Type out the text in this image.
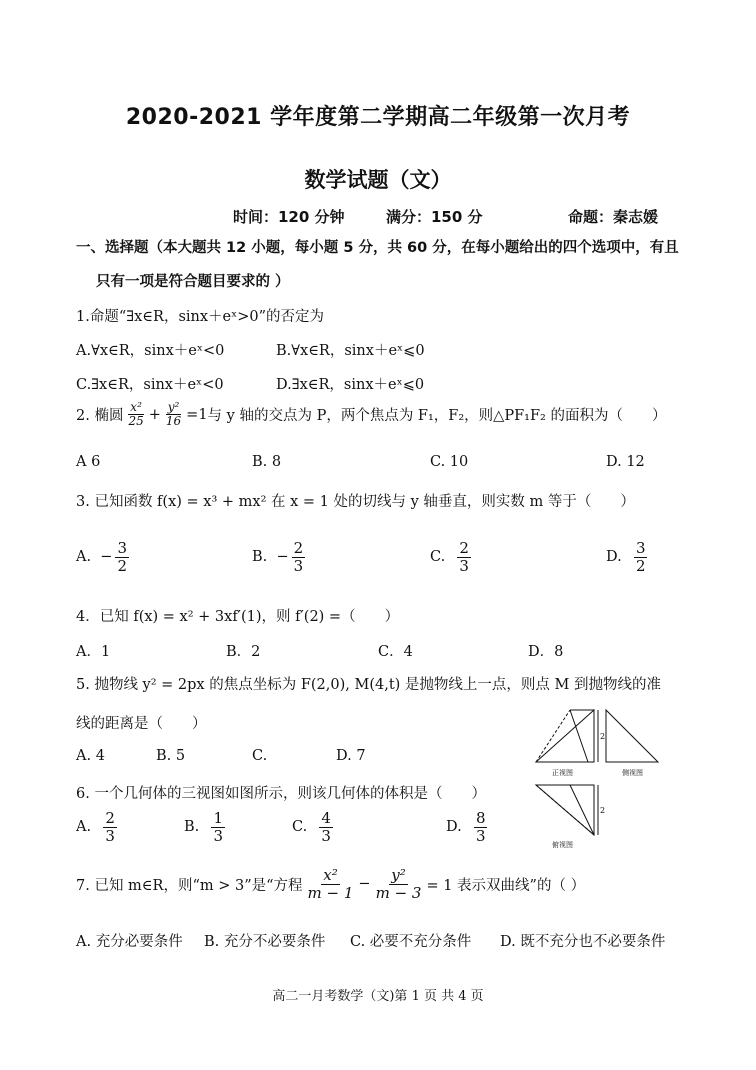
2020-2021 学年度第二学期高二年级第一次月考
数学试题（文）
时间：120 分钟	满分：150 分	命题：秦志媛
一、选择题（本大题共 12 小题，每小题 5 分，共 60 分，在每小题给出的四个选项中，有且
只有一项是符合题目要求的 ）
1.命题“∃x∈R，sinx＋eˣ>0”的否定为
A.∀x∈R，sinx＋eˣ<0	B.∀x∈R，sinx＋eˣ⩽0
C.∃x∈R，sinx＋eˣ<0	D.∃x∈R，sinx＋eˣ⩽0
2. 椭圆 $\frac{\text{x²}}{25} + \frac{\text{y²}}{16} =1$ 与 y 轴的交点为 P，两个焦点为 F₁，F₂，则△PF₁F₂ 的面积为（　　）
A 6	B. 8	C. 10	D. 12
3. 已知函数 f(x) = x³ + mx² 在 x = 1 处的切线与 y 轴垂直，则实数 m 等于（　　）
A. − $\frac{3}{2}$	B. − $\frac{2}{3}$	C.
$\frac{2}{3}$	D.
$\frac{3}{2}$
4．已知 f(x) = x² + 3xf′(1)，则 f′(2) =（　　）
A．1	B．2	C．4	D．8
5. 抛物线 y² = 2px 的焦点坐标为 F(2,0), M(4,t) 是抛物线上一点，则点 M 到抛物线的准
线的距离是（　　）
A. 4	B. 5	C.	D. 7
2
正视图	侧视图
2
俯视图
6. 一个几何体的三视图如图所示，则该几何体的体积是（　　）
A.
$\frac{2}{3}$	B.
$\frac{1}{3}$	C.
$\frac{4}{3}$	D.
$\frac{8}{3}$
7. 已知 m∈R，则“m > 3”是“方程 $\frac{\text{x²}}{m - 1} - \frac{\text{y²}}{m - 3} = 1$ 表示双曲线”的（ ）
A. 充分必要条件 B. 充分不必要条件 C. 必要不充分条件 D. 既不充分也不必要条件
高二一月考数学（文)第 1 页 共 4 页
